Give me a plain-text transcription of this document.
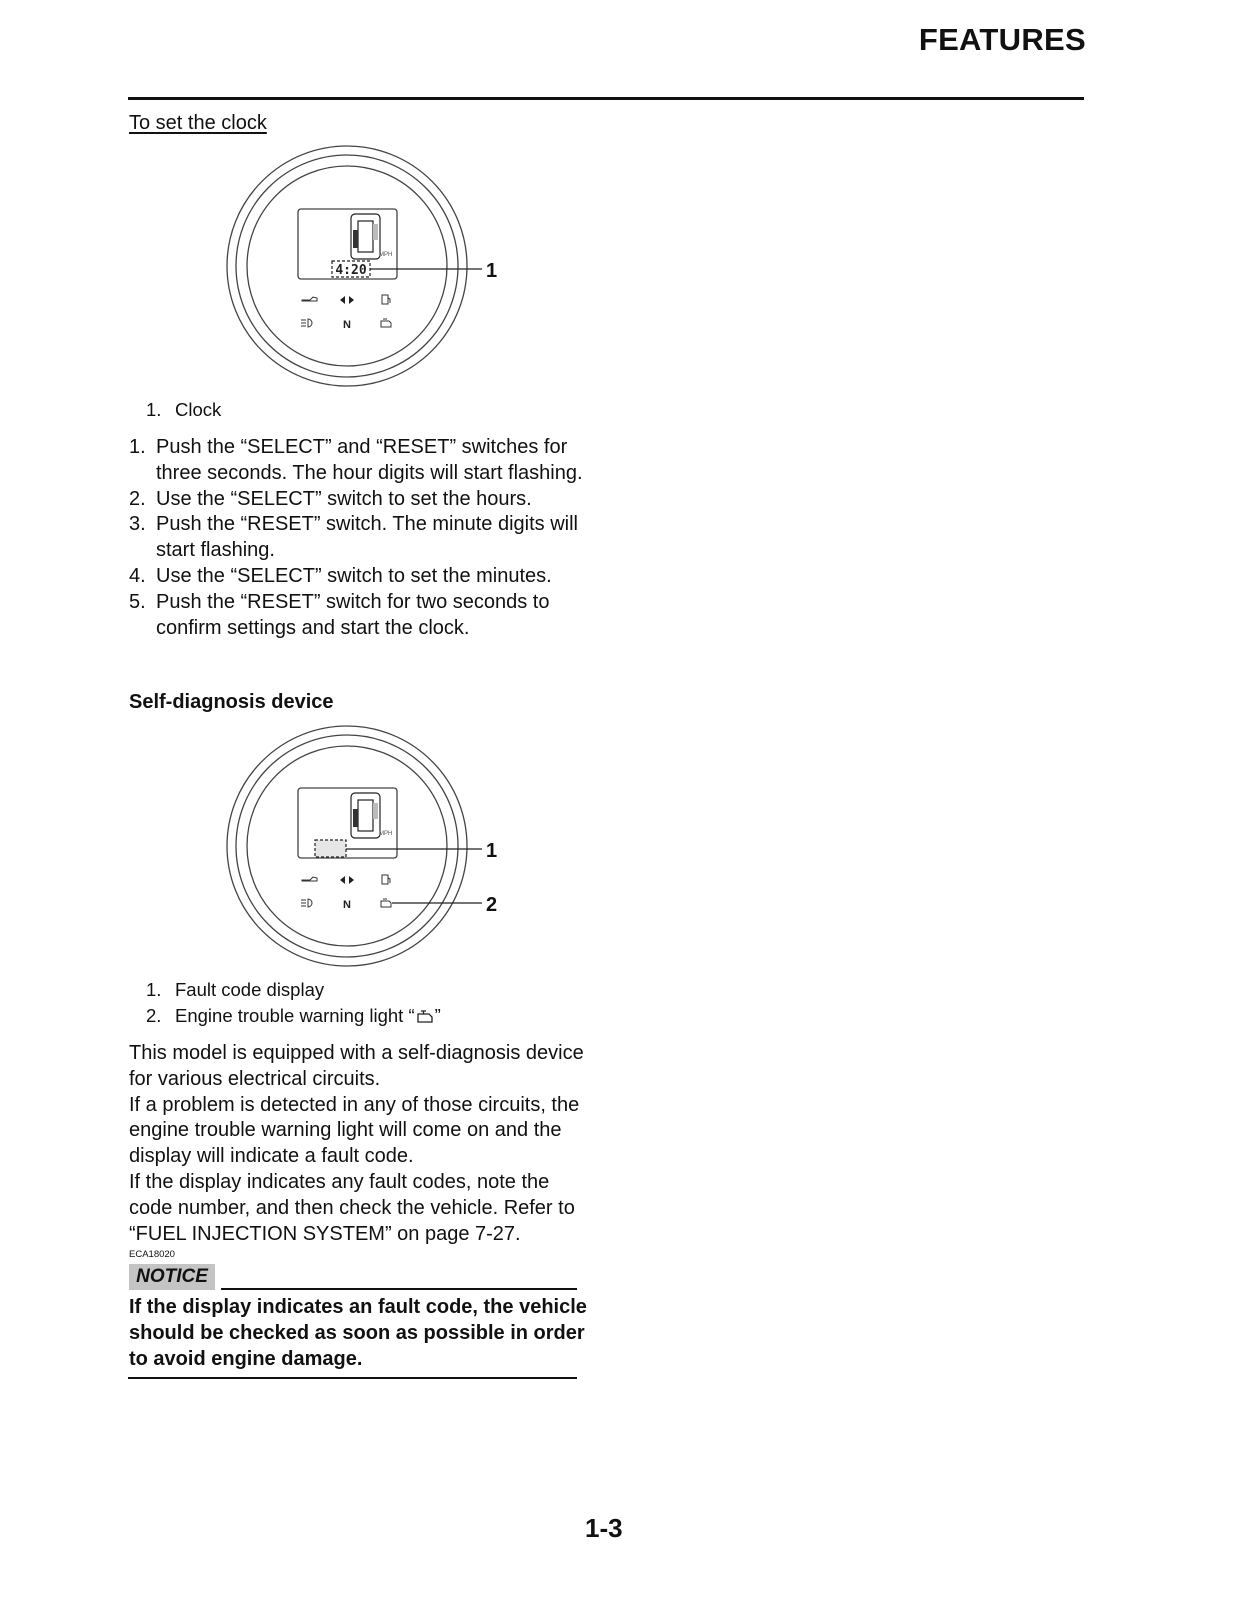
FEATURES
To set the clock
MPH
4:20	1
N
1. Clock
1. Push the “SELECT” and “RESET” switches for three seconds. The hour digits will start flashing.
2. Use the “SELECT” switch to set the hours.
3. Push the “RESET” switch. The minute digits will start flashing.
4. Use the “SELECT” switch to set the minutes.
5. Push the “RESET” switch for two seconds to confirm settings and start the clock.
Self-diagnosis device
MPH
1
N	2
1. Fault code display
2. Engine trouble warning light “ ”

This model is equipped with a self-diagnosis device for various electrical circuits.

If a problem is detected in any of those circuits, the engine trouble warning light will come on and the display will indicate a fault code.

If the display indicates any fault codes, note the code number, and then check the vehicle. Refer to “FUEL INJECTION SYSTEM” on page 7-27.

ECA18020
NOTICE
If the display indicates an fault code, the vehicle should be checked as soon as possible in order to avoid engine damage.
1-3
